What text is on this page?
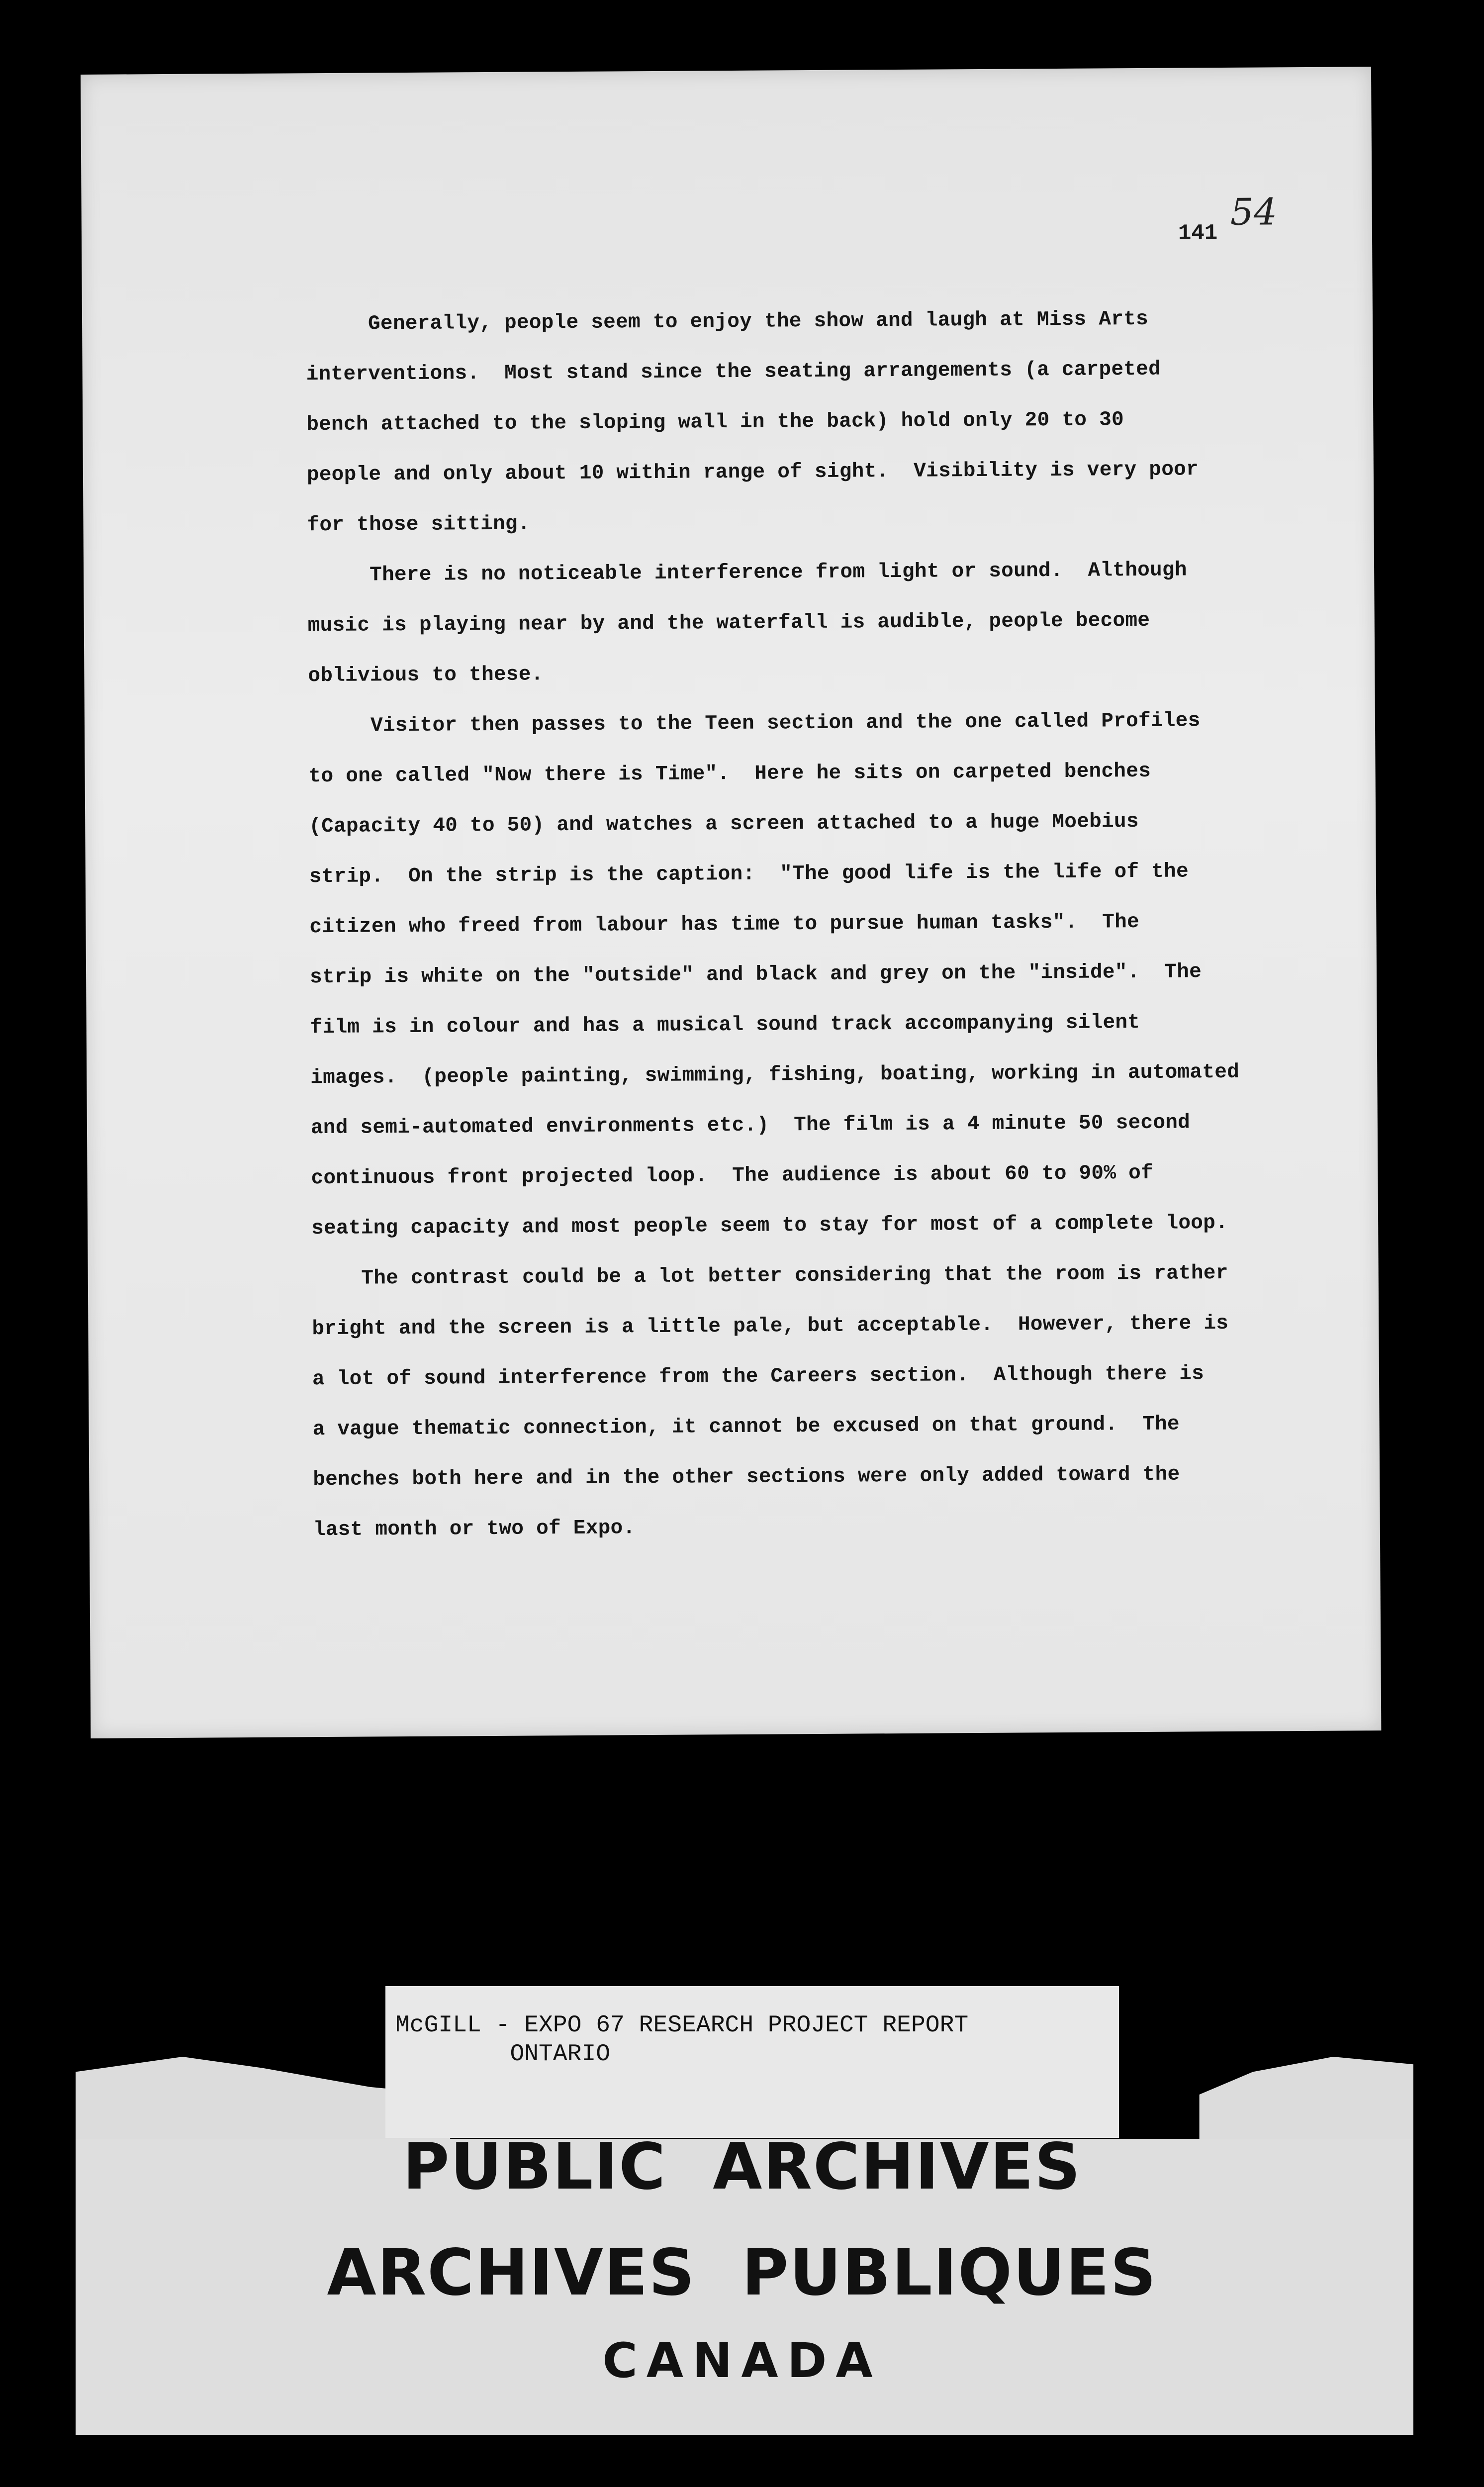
54
141
Generally, people seem to enjoy the show and laugh at Miss Arts
interventions.  Most stand since the seating arrangements (a carpeted
bench attached to the sloping wall in the back) hold only 20 to 30
people and only about 10 within range of sight.  Visibility is very poor
for those sitting.
There is no noticeable interference from light or sound.  Although
music is playing near by and the waterfall is audible, people become
oblivious to these.
Visitor then passes to the Teen section and the one called Profiles
to one called "Now there is Time".  Here he sits on carpeted benches
(Capacity 40 to 50) and watches a screen attached to a huge Moebius
strip.  On the strip is the caption:  "The good life is the life of the
citizen who freed from labour has time to pursue human tasks".  The
strip is white on the "outside" and black and grey on the "inside".  The
film is in colour and has a musical sound track accompanying silent
images.  (people painting, swimming, fishing, boating, working in automated
and semi-automated environments etc.)  The film is a 4 minute 50 second
continuous front projected loop.  The audience is about 60 to 90% of
seating capacity and most people seem to stay for most of a complete loop.
The contrast could be a lot better considering that the room is rather
bright and the screen is a little pale, but acceptable.  However, there is
a lot of sound interference from the Careers section.  Although there is
a vague thematic connection, it cannot be excused on that ground.  The
benches both here and in the other sections were only added toward the
last month or two of Expo.
McGILL - EXPO 67 RESEARCH PROJECT REPORT
ONTARIO
PUBLIC  ARCHIVES
ARCHIVES  PUBLIQUES
CANADA
